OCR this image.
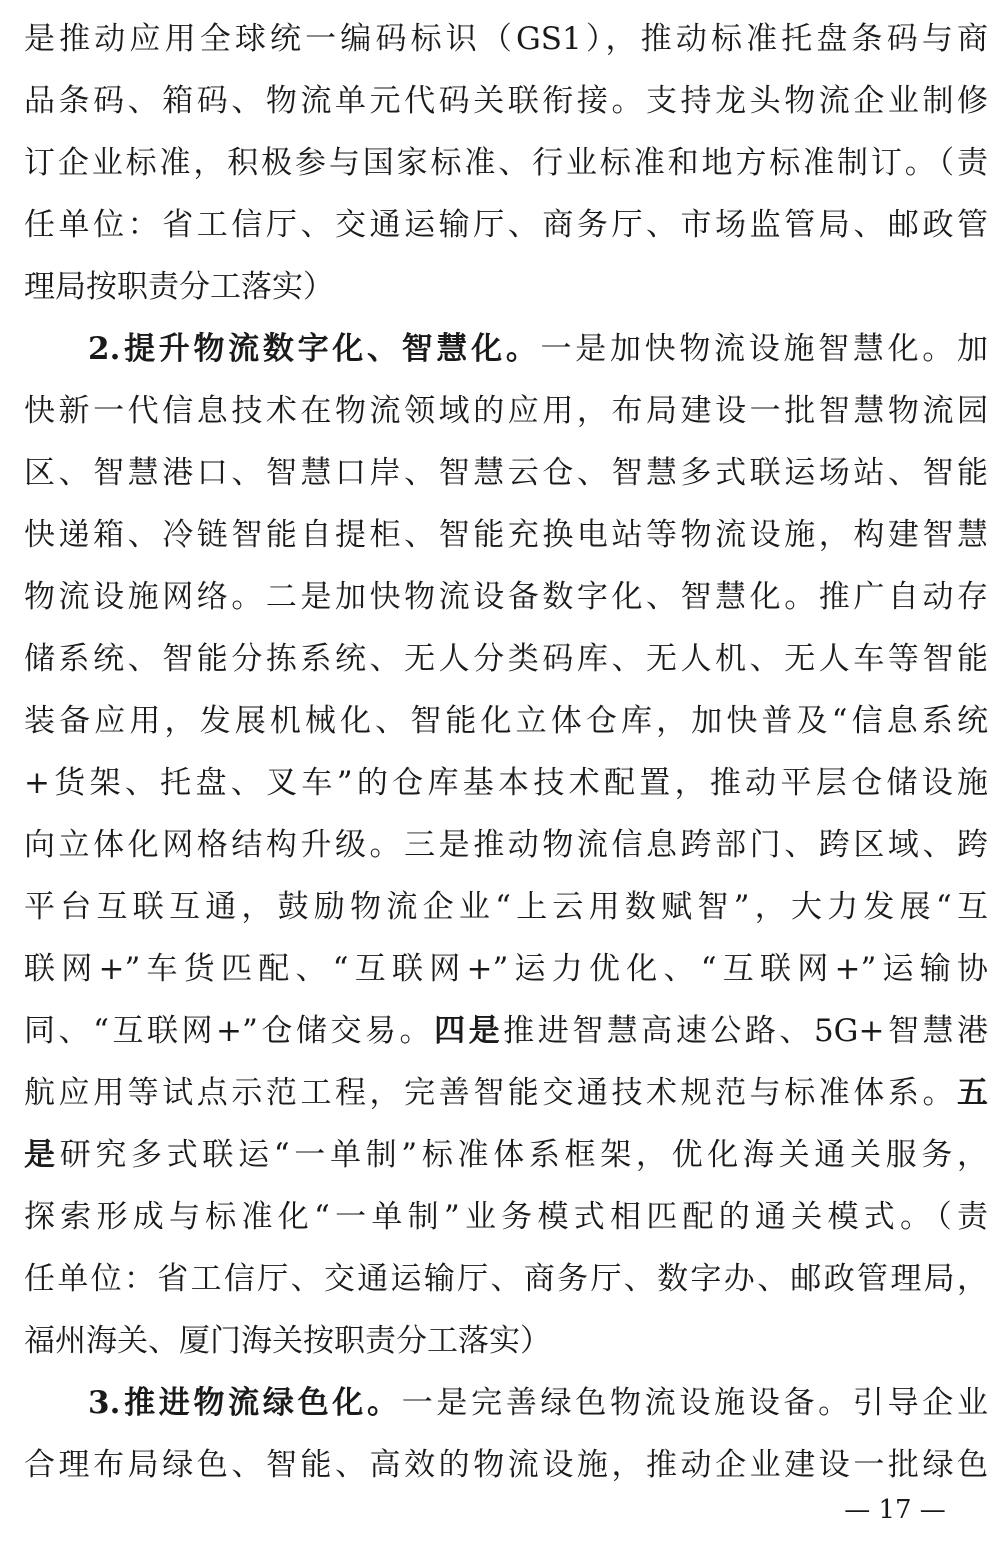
是推动应用全球统一编码标识（GS1），推动标准托盘条码与商
品条码、箱码、物流单元代码关联衔接。支持龙头物流企业制修
订企业标准，积极参与国家标准、行业标准和地方标准制订。（责
任单位：省工信厅、交通运输厅、商务厅、市场监管局、邮政管
理局按职责分工落实）
2.提升物流数字化、智慧化。一是加快物流设施智慧化。加
快新一代信息技术在物流领域的应用，布局建设一批智慧物流园
区、智慧港口、智慧口岸、智慧云仓、智慧多式联运场站、智能
快递箱、冷链智能自提柜、智能充换电站等物流设施，构建智慧
物流设施网络。二是加快物流设备数字化、智慧化。推广自动存
储系统、智能分拣系统、无人分类码库、无人机、无人车等智能
装备应用，发展机械化、智能化立体仓库，加快普及“信息系统
+货架、托盘、叉车”的仓库基本技术配置，推动平层仓储设施
向立体化网格结构升级。三是推动物流信息跨部门、跨区域、跨
平台互联互通，鼓励物流企业“上云用数赋智”，大力发展“互
联网+”车货匹配、“互联网+”运力优化、“互联网+”运输协
同、“互联网+”仓储交易。四是推进智慧高速公路、5G+智慧港
航应用等试点示范工程，完善智能交通技术规范与标准体系。五
是研究多式联运“一单制”标准体系框架，优化海关通关服务，
探索形成与标准化“一单制”业务模式相匹配的通关模式。（责
任单位：省工信厅、交通运输厅、商务厅、数字办、邮政管理局，
福州海关、厦门海关按职责分工落实）
3.推进物流绿色化。一是完善绿色物流设施设备。引导企业
合理布局绿色、智能、高效的物流设施，推动企业建设一批绿色
— 17 —
